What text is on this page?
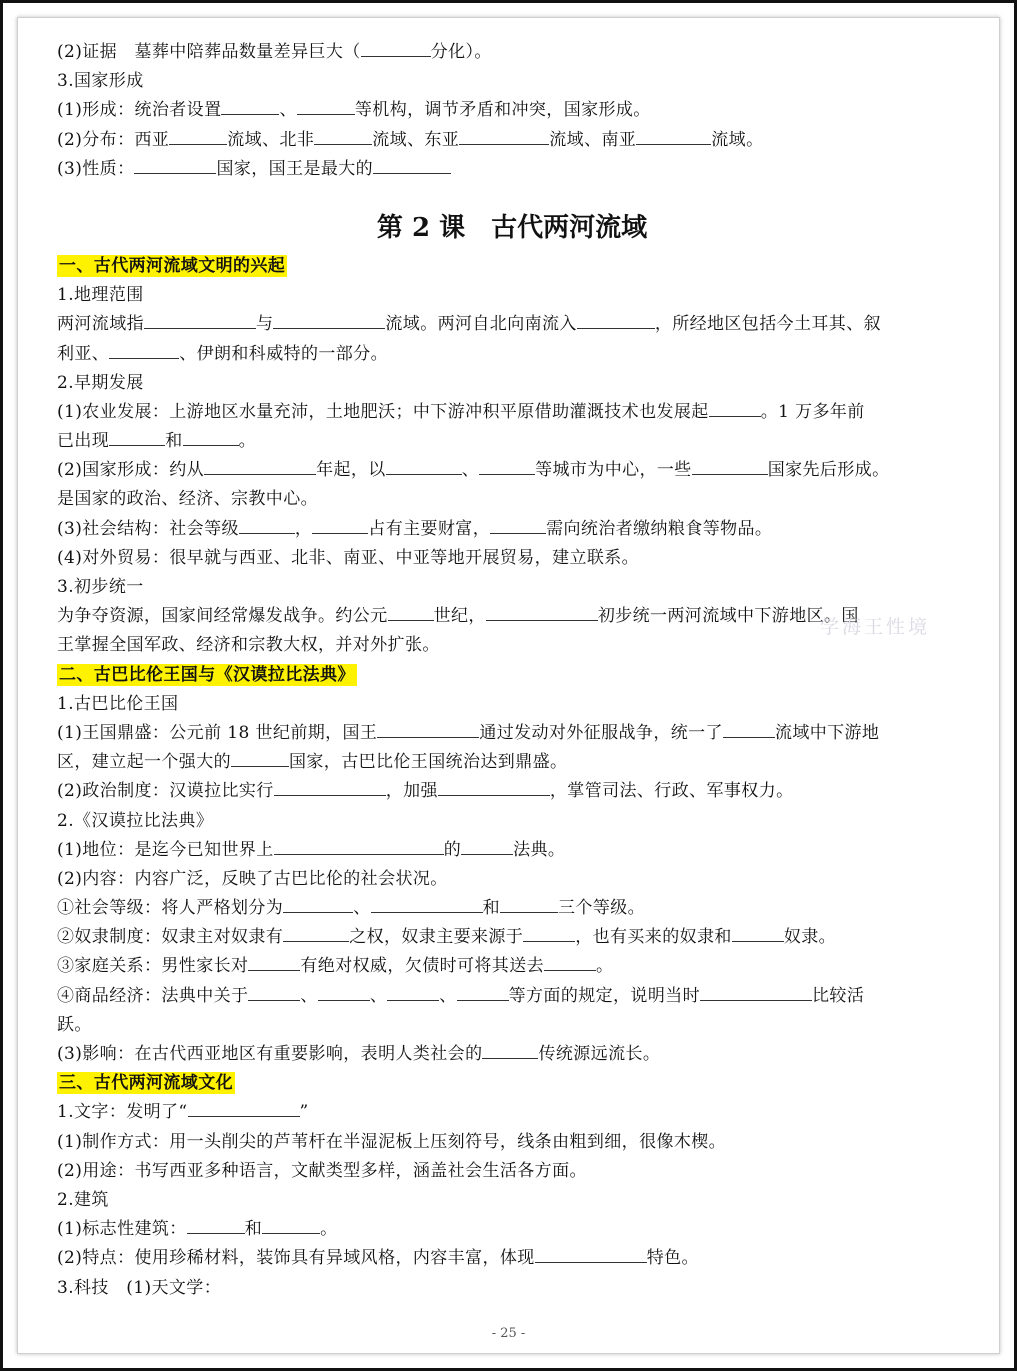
(2)证据　墓葬中陪葬品数量差异巨大（	分化）。
3.国家形成
(1)形成：统治者设置	、	等机构，调节矛盾和冲突，国家形成。
(2)分布：西亚	流域、北非	流域、东亚	流域、南亚	流域。
(3)性质：	国家，国王是最大的
第 2 课　古代两河流域
一、古代两河流域文明的兴起
1.地理范围
两河流域指	与	流域。两河自北向南流入	，所经地区包括今土耳其、叙
利亚、	、伊朗和科威特的一部分。
2.早期发展
(1)农业发展：上游地区水量充沛，土地肥沃；中下游冲积平原借助灌溉技术也发展起	。1 万多年前
已出现	和	。
(2)国家形成：约从	年起，以	、	等城市为中心，一些	国家先后形成。
是国家的政治、经济、宗教中心。
(3)社会结构：社会等级	，	占有主要财富，	需向统治者缴纳粮食等物品。
(4)对外贸易：很早就与西亚、北非、南亚、中亚等地开展贸易，建立联系。
3.初步统一
为争夺资源，国家间经常爆发战争。约公元	世纪，	初步统一两河流域中下游地区。国
王掌握全国军政、经济和宗教大权，并对外扩张。
二、古巴比伦王国与《汉谟拉比法典》
1.古巴比伦王国
(1)王国鼎盛：公元前 18 世纪前期，国王	通过发动对外征服战争，统一了	流域中下游地
区，建立起一个强大的	国家，古巴比伦王国统治达到鼎盛。
(2)政治制度：汉谟拉比实行	，加强	，掌管司法、行政、军事权力。
2.《汉谟拉比法典》
(1)地位：是迄今已知世界上	的	法典。
(2)内容：内容广泛，反映了古巴比伦的社会状况。
①社会等级：将人严格划分为	、	和	三个等级。
②奴隶制度：奴隶主对奴隶有	之权，奴隶主要来源于	，也有买来的奴隶和	奴隶。
③家庭关系：男性家长对	有绝对权威，欠债时可将其送去	。
④商品经济：法典中关于	、	、	、	等方面的规定，说明当时	比较活
跃。
(3)影响：在古代西亚地区有重要影响，表明人类社会的	传统源远流长。
三、古代两河流域文化
1.文字：发明了“	”
(1)制作方式：用一头削尖的芦苇杆在半湿泥板上压刻符号，线条由粗到细，很像木楔。
(2)用途：书写西亚多种语言，文献类型多样，涵盖社会生活各方面。
2.建筑
(1)标志性建筑：	和	。
(2)特点：使用珍稀材料，装饰具有异域风格，内容丰富，体现	特色。
3.科技　(1)天文学：
学海王性境
- 25 -
